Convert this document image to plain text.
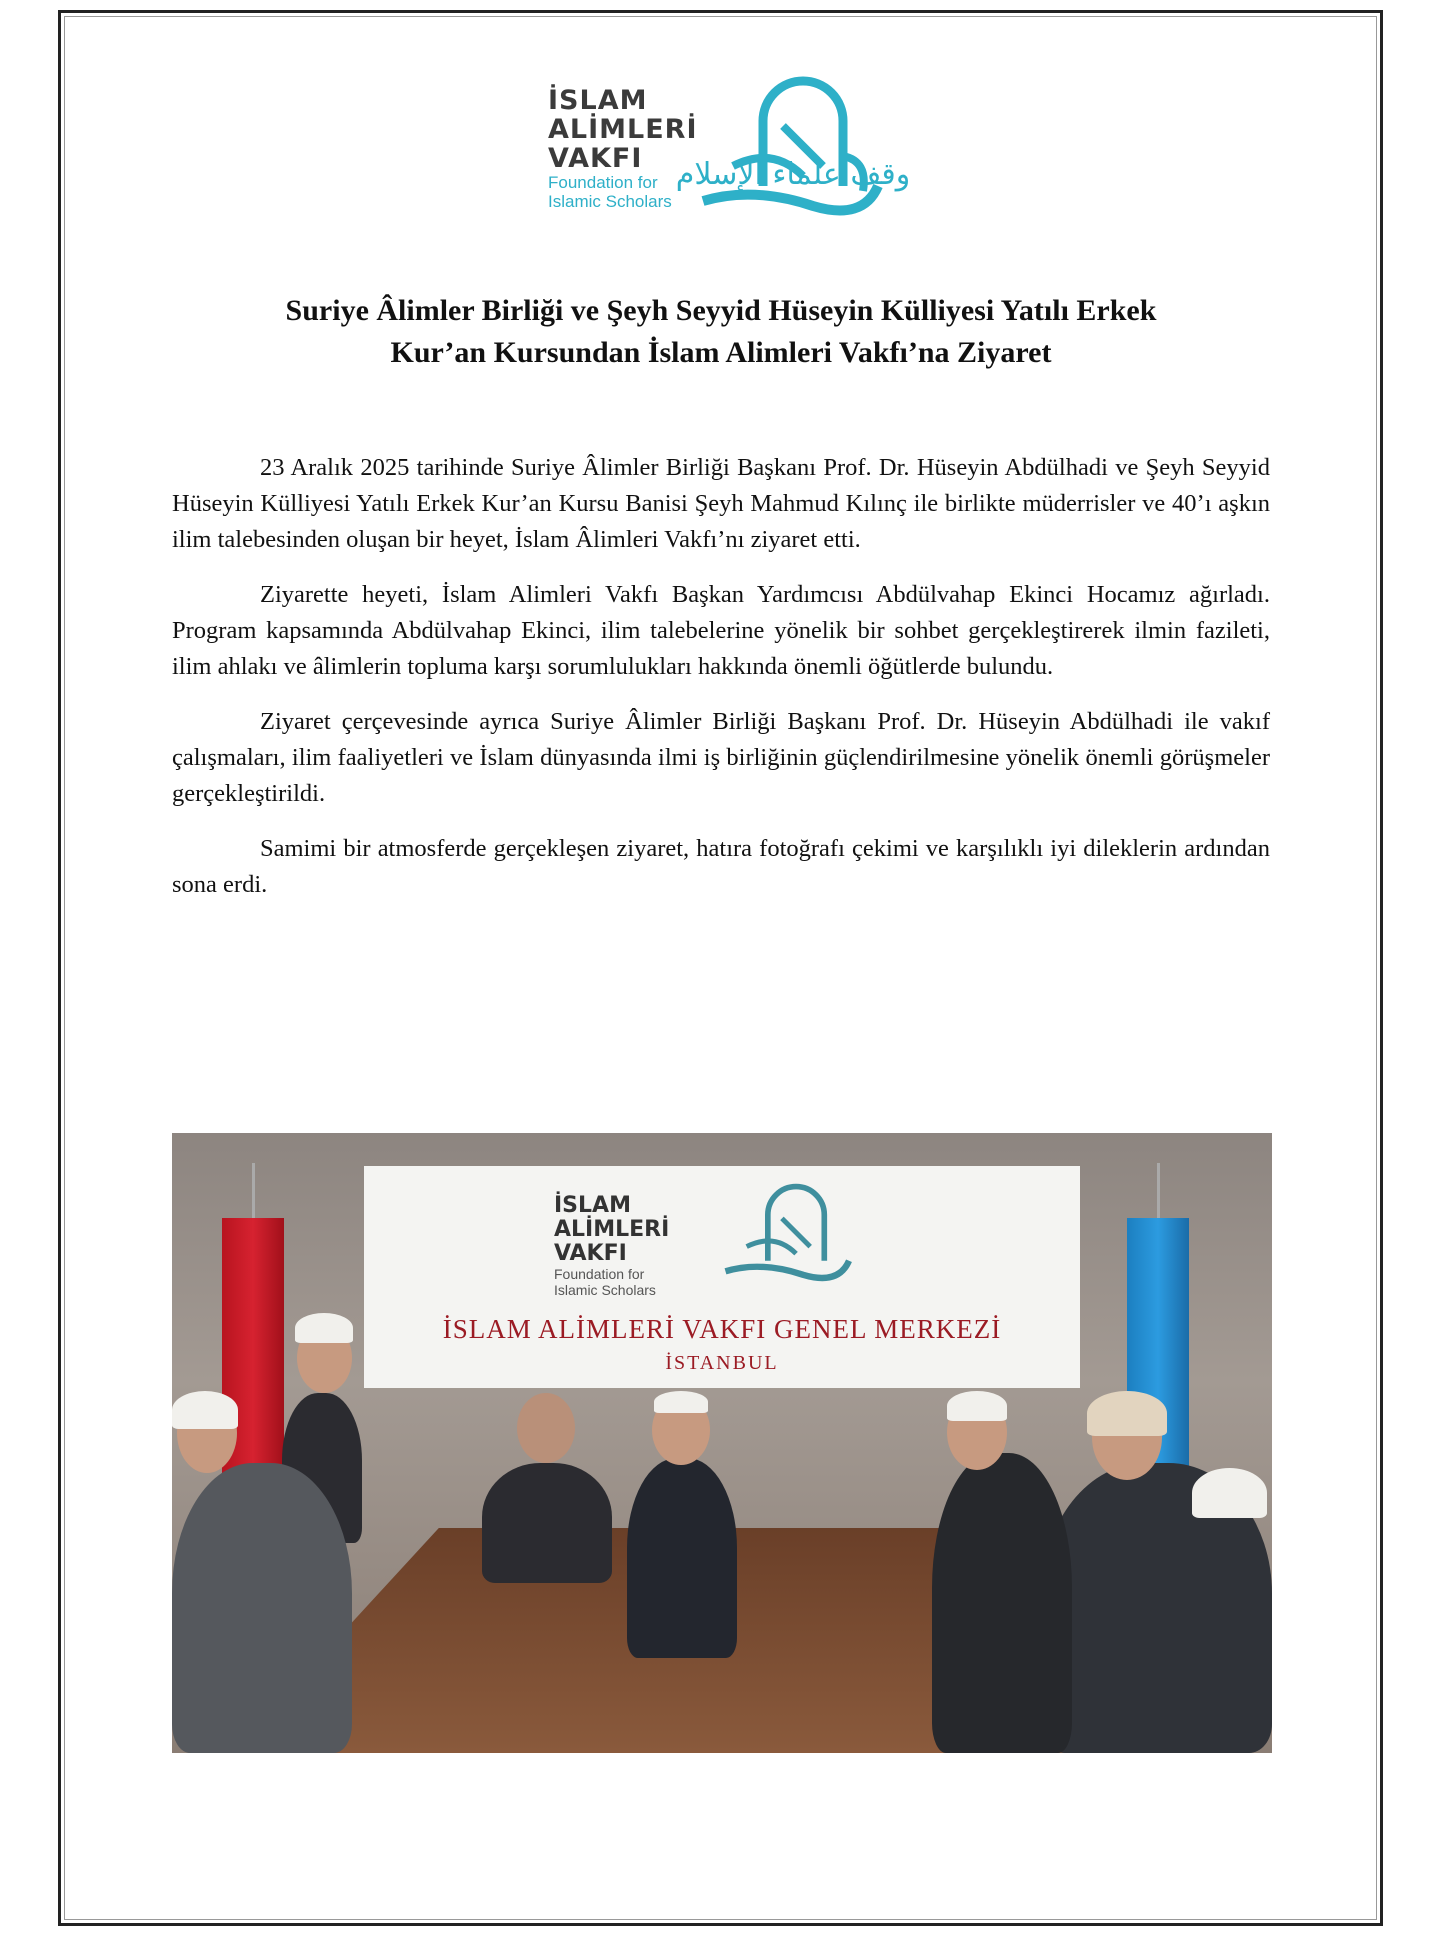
İSLAM
ALİMLERİ
VAKFI
Foundation for
Islamic Scholars
وقف علماء الإسلام
Suriye Âlimler Birliği ve Şeyh Seyyid Hüseyin Külliyesi Yatılı Erkek
Kur’an Kursundan İslam Alimleri Vakfı’na Ziyaret

23 Aralık 2025 tarihinde Suriye Âlimler Birliği Başkanı Prof. Dr. Hüseyin Abdülhadi ve Şeyh Seyyid Hüseyin Külliyesi Yatılı Erkek Kur’an Kursu Banisi Şeyh Mahmud Kılınç ile birlikte müderrisler ve 40’ı aşkın ilim talebesinden oluşan bir heyet, İslam Âlimleri Vakfı’nı ziyaret etti.

Ziyarette heyeti, İslam Alimleri Vakfı Başkan Yardımcısı Abdülvahap Ekinci Hocamız ağırladı. Program kapsamında Abdülvahap Ekinci, ilim talebelerine yönelik bir sohbet gerçekleştirerek ilmin fazileti, ilim ahlakı ve âlimlerin topluma karşı sorumlulukları hakkında önemli öğütlerde bulundu.

Ziyaret çerçevesinde ayrıca Suriye Âlimler Birliği Başkanı Prof. Dr. Hüseyin Abdülhadi ile vakıf çalışmaları, ilim faaliyetleri ve İslam dünyasında ilmi iş birliğinin güçlendirilmesine yönelik önemli görüşmeler gerçekleştirildi.

Samimi bir atmosferde gerçekleşen ziyaret, hatıra fotoğrafı çekimi ve karşılıklı iyi dileklerin ardından sona erdi.

İSLAM
ALİMLERİ
VAKFI
Foundation for
Islamic Scholars
İSLAM ALİMLERİ VAKFI GENEL MERKEZİ
İSTANBUL
